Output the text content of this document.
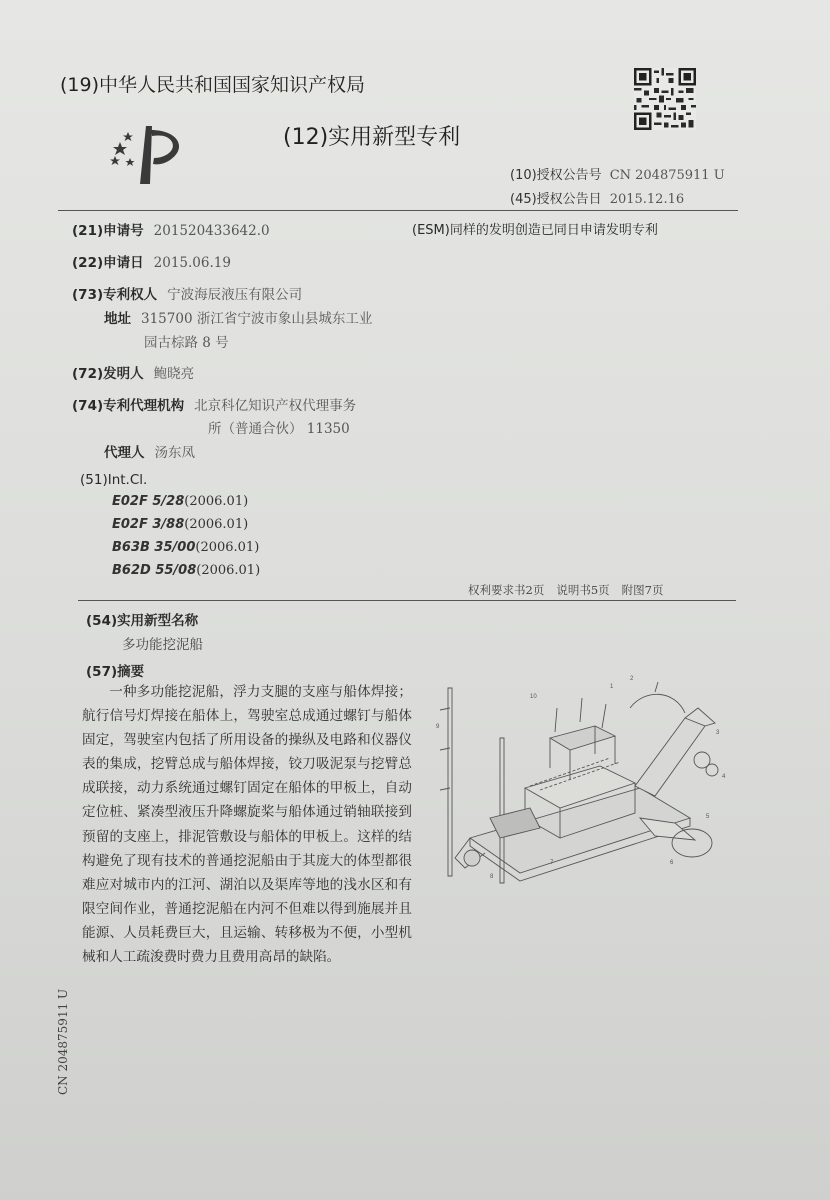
(19)中华人民共和国国家知识产权局
(12)实用新型专利
(10)授权公告号 CN 204875911 U
(45)授权公告日 2015.12.16
(21)申请号 201520433642.0	(ESM)同样的发明创造已同日申请发明专利
(22)申请日 2015.06.19
(73)专利权人 宁波海辰液压有限公司
地址 315700 浙江省宁波市象山县城东工业
园古棕路 8 号
(72)发明人 鲍晓亮
(74)专利代理机构 北京科亿知识产权代理事务
所（普通合伙） 11350
代理人 汤东凤
(51)Int.Cl.
E02F 5/28(2006.01)
E02F 3/88(2006.01)
B63B 35/00(2006.01)
B62D 55/08(2006.01)
权利要求书2页 说明书5页 附图7页
(54)实用新型名称
多功能挖泥船
(57)摘要
一种多功能挖泥船，浮力支腿的支座与船体焊接；航行信号灯焊接在船体上，驾驶室总成通过螺钉与船体固定，驾驶室内包括了所用设备的操纵及电路和仪器仪表的集成，挖臂总成与船体焊接，铰刀吸泥泵与挖臂总成联接，动力系统通过螺钉固定在船体的甲板上，自动定位桩、紧凑型液压升降螺旋桨与船体通过销轴联接到预留的支座上，排泥管敷设与船体的甲板上。这样的结构避免了现有技术的普通挖泥船由于其庞大的体型都很难应对城市内的江河、湖泊以及渠库等地的浅水区和有限空间作业，普通挖泥船在内河不但难以得到施展并且能源、人员耗费巨大，且运输、转移极为不便，小型机械和人工疏浚费时费力且费用高昂的缺陷。
1
2
3
4
5
6
7
8
9
10
CN 204875911 U
